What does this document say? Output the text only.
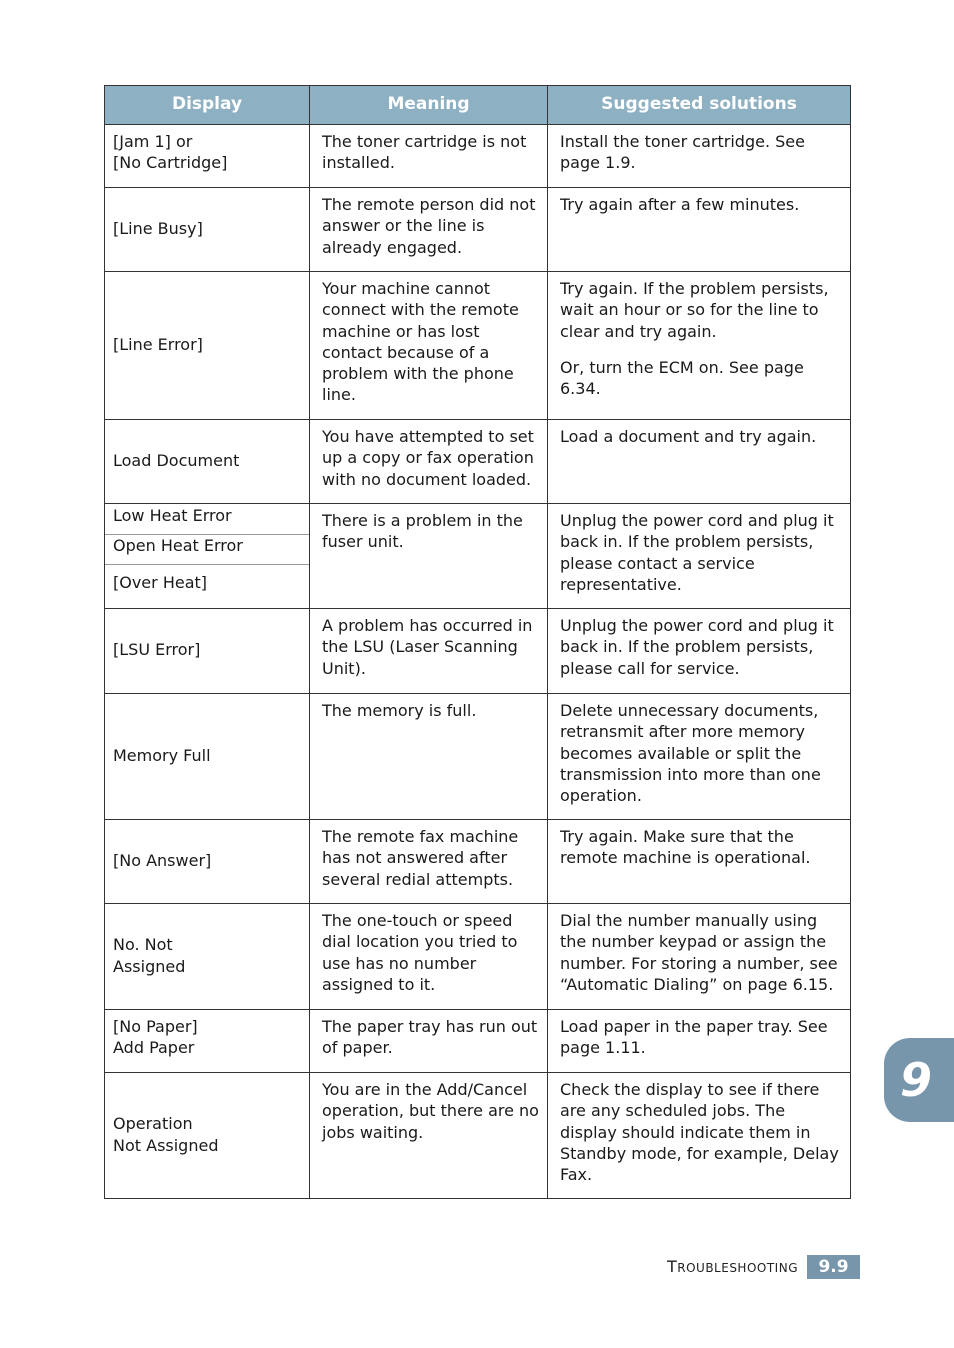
Display	Meaning	Suggested solutions

[Jam 1] or
[No Cartridge]	The toner cartridge is not installed.	Install the toner cartridge. See page 1.9.

[Line Busy]	The remote person did not answer or the line is already engaged.	Try again after a few minutes.

[Line Error]	Your machine cannot connect with the remote machine or has lost contact because of a problem with the phone line.	Try again. If the problem persists, wait an hour or so for the line to clear and try again.
Or, turn the ECM on. See page 6.34.

Load Document	You have attempted to set up a copy or fax operation with no document loaded.	Load a document and try again.

Low Heat Error
Open Heat Error
[Over Heat]	There is a problem in the fuser unit.	Unplug the power cord and plug it back in. If the problem persists, please contact a service representative.

[LSU Error]	A problem has occurred in the LSU (Laser Scanning Unit).	Unplug the power cord and plug it back in. If the problem persists, please call for service.

Memory Full	The memory is full.	Delete unnecessary documents, retransmit after more memory becomes available or split the transmission into more than one operation.

[No Answer]	The remote fax machine has not answered after several redial attempts.	Try again. Make sure that the remote machine is operational.

No. Not
Assigned	The one-touch or speed dial location you tried to use has no number assigned to it.	Dial the number manually using the number keypad or assign the number. For storing a number, see “Automatic Dialing” on page 6.15.

[No Paper]
Add Paper	The paper tray has run out of paper.	Load paper in the paper tray. See page 1.11.

Operation
Not Assigned	You are in the Add/Cancel operation, but there are no jobs waiting.	Check the display to see if there are any scheduled jobs. The display should indicate them in Standby mode, for example, Delay Fax.
9
TROUBLESHOOTING	9.9
